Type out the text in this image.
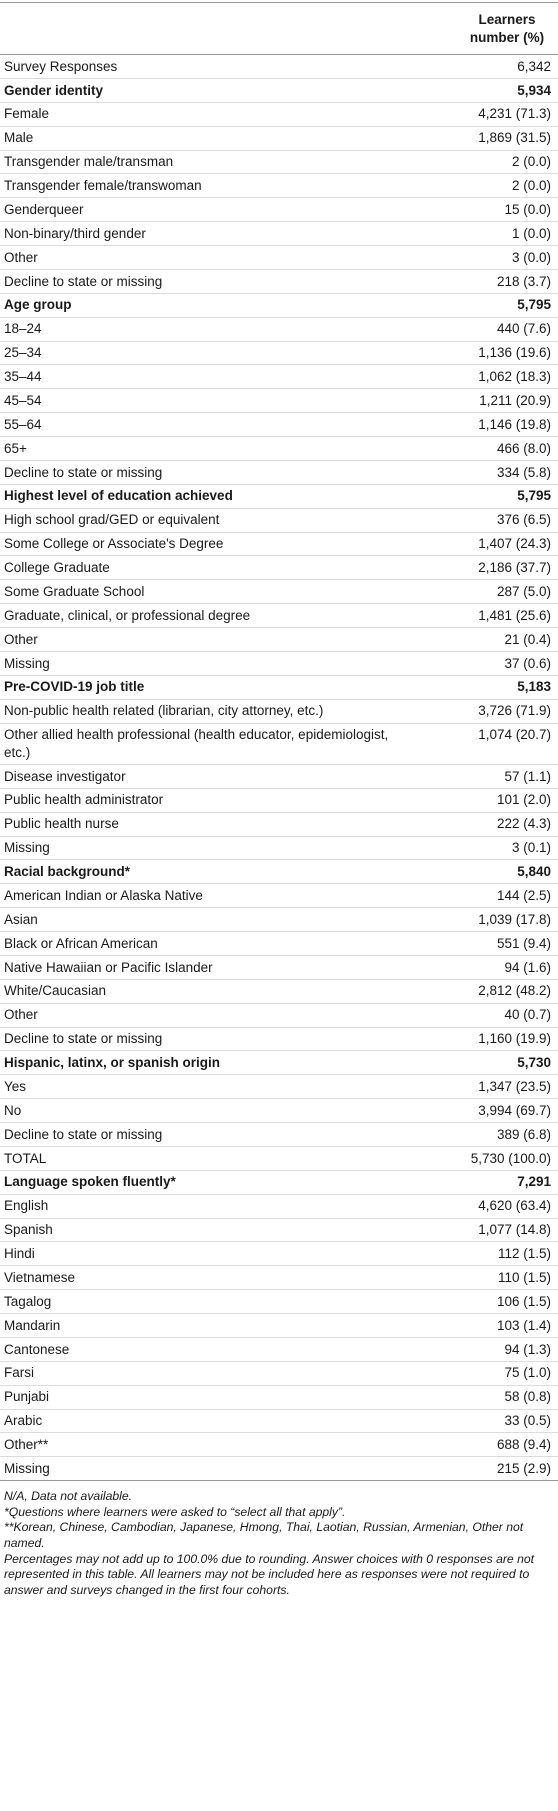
	Learners number (%)
Survey Responses	6,342
Gender identity	5,934
Female	4,231 (71.3)
Male	1,869 (31.5)
Transgender male/transman	2 (0.0)
Transgender female/transwoman	2 (0.0)
Genderqueer	15 (0.0)
Non-binary/third gender	1 (0.0)
Other	3 (0.0)
Decline to state or missing	218 (3.7)
Age group	5,795
18–24	440 (7.6)
25–34	1,136 (19.6)
35–44	1,062 (18.3)
45–54	1,211 (20.9)
55–64	1,146 (19.8)
65+	466 (8.0)
Decline to state or missing	334 (5.8)
Highest level of education achieved	5,795
High school grad/GED or equivalent	376 (6.5)
Some College or Associate's Degree	1,407 (24.3)
College Graduate	2,186 (37.7)
Some Graduate School	287 (5.0)
Graduate, clinical, or professional degree	1,481 (25.6)
Other	21 (0.4)
Missing	37 (0.6)
Pre-COVID-19 job title	5,183
Non-public health related (librarian, city attorney, etc.)	3,726 (71.9)
Other allied health professional (health educator, epidemiologist, etc.)	1,074 (20.7)
Disease investigator	57 (1.1)
Public health administrator	101 (2.0)
Public health nurse	222 (4.3)
Missing	3 (0.1)
Racial background*	5,840
American Indian or Alaska Native	144 (2.5)
Asian	1,039 (17.8)
Black or African American	551 (9.4)
Native Hawaiian or Pacific Islander	94 (1.6)
White/Caucasian	2,812 (48.2)
Other	40 (0.7)
Decline to state or missing	1,160 (19.9)
Hispanic, latinx, or spanish origin	5,730
Yes	1,347 (23.5)
No	3,994 (69.7)
Decline to state or missing	389 (6.8)
TOTAL	5,730 (100.0)
Language spoken fluently*	7,291
English	4,620 (63.4)
Spanish	1,077 (14.8)
Hindi	112 (1.5)
Vietnamese	110 (1.5)
Tagalog	106 (1.5)
Mandarin	103 (1.4)
Cantonese	94 (1.3)
Farsi	75 (1.0)
Punjabi	58 (0.8)
Arabic	33 (0.5)
Other**	688 (9.4)
Missing	215 (2.9)

N/A, Data not available.

*Questions where learners were asked to “select all that apply”.

**Korean, Chinese, Cambodian, Japanese, Hmong, Thai, Laotian, Russian, Armenian, Other not named.

Percentages may not add up to 100.0% due to rounding. Answer choices with 0 responses are not represented in this table. All learners may not be included here as responses were not required to answer and surveys changed in the first four cohorts.
